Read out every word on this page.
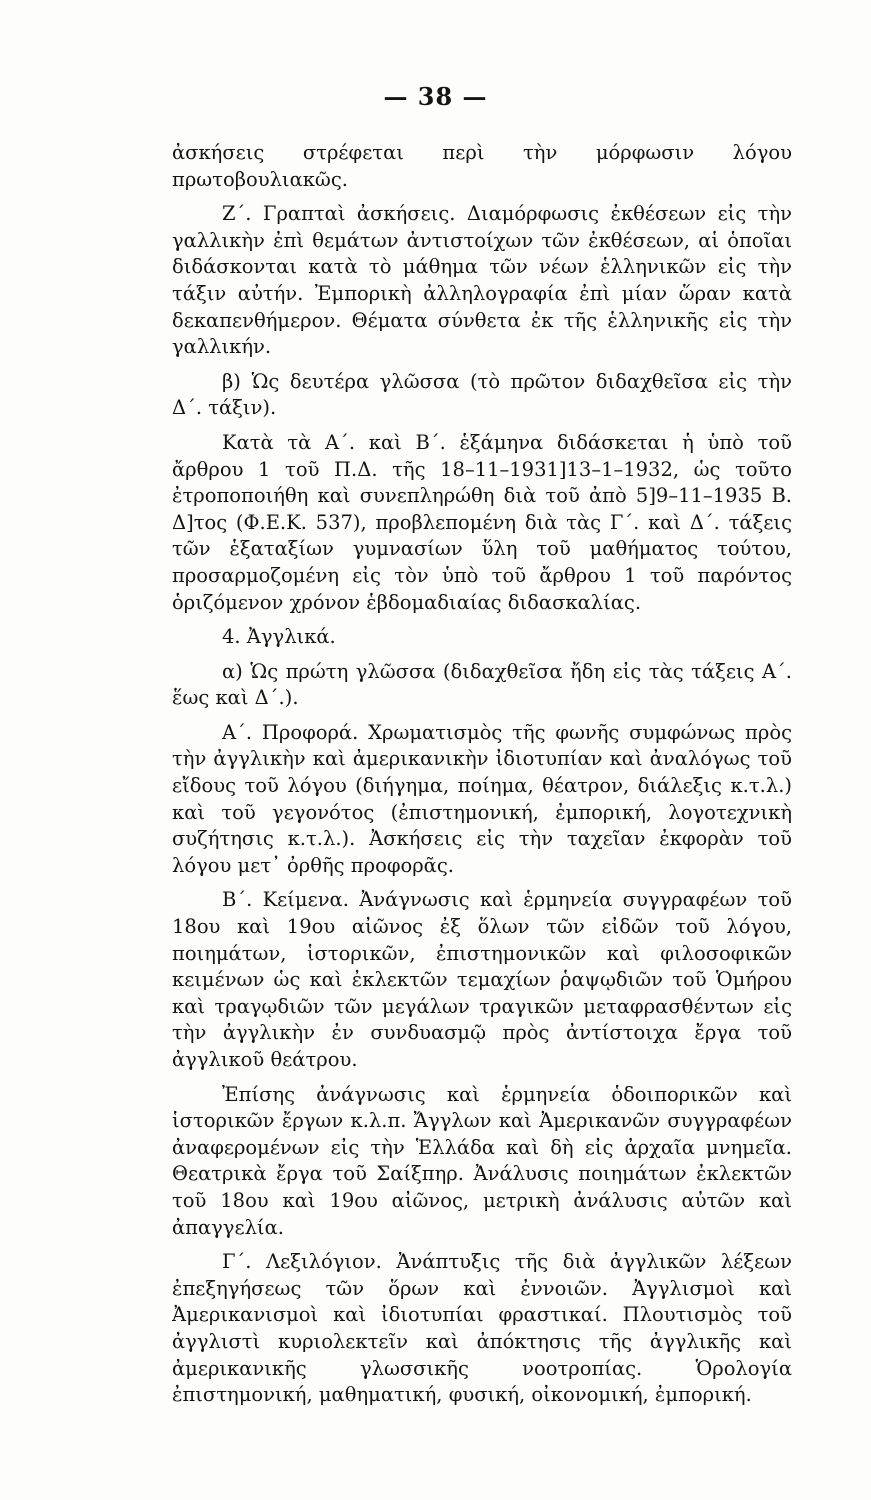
— 38 —

ἀσκήσεις στρέφεται περὶ τὴν μόρφωσιν λόγου πρωτοβουλιακῶς.

Ζ΄. Γραπταὶ ἀσκήσεις. Διαμόρφωσις ἐκθέσεων εἰς τὴν γαλλικὴν ἐπὶ θεμάτων ἀντιστοίχων τῶν ἐκθέσεων, αἱ ὁποῖαι διδάσκονται κατὰ τὸ μάθημα τῶν νέων ἑλληνικῶν εἰς τὴν τάξιν αὐτήν. Ἐμπορικὴ ἀλληλογραφία ἐπὶ μίαν ὥραν κατὰ δεκαπενθήμερον. Θέματα σύνθετα ἐκ τῆς ἑλληνικῆς εἰς τὴν γαλλικήν.

β) Ὡς δευτέρα γλῶσσα (τὸ πρῶτον διδαχθεῖσα εἰς τὴν Δ΄. τάξιν).

Κατὰ τὰ Α΄. καὶ Β΄. ἑξάμηνα διδάσκεται ἡ ὑπὸ τοῦ ἄρθρου 1 τοῦ Π.Δ. τῆς 18–11–1931]13–1–1932, ὡς τοῦτο ἐτροποποιήθη καὶ συνεπληρώθη διὰ τοῦ ἀπὸ 5]9–11–1935 Β. Δ]τος (Φ.Ε.Κ. 537), προβλεπομένη διὰ τὰς Γ΄. καὶ Δ΄. τάξεις τῶν ἑξαταξίων γυμνασίων ὕλη τοῦ μαθήματος τούτου, προσαρμοζομένη εἰς τὸν ὑπὸ τοῦ ἄρθρου 1 τοῦ παρόντος ὁριζόμενον χρόνον ἑβδομαδιαίας διδασκαλίας.

4. Ἀγγλικά.

α) Ὡς πρώτη γλῶσσα (διδαχθεῖσα ἤδη εἰς τὰς τάξεις Α΄. ἕως καὶ Δ΄.).

Α΄. Προφορά. Χρωματισμὸς τῆς φωνῆς συμφώνως πρὸς τὴν ἀγγλικὴν καὶ ἀμερικανικὴν ἰδιοτυπίαν καὶ ἀναλόγως τοῦ εἴδους τοῦ λόγου (διήγημα, ποίημα, θέατρον, διάλεξις κ.τ.λ.) καὶ τοῦ γεγονότος (ἐπιστημονική, ἐμπορική, λογοτεχνικὴ συζήτησις κ.τ.λ.). Ἀσκήσεις εἰς τὴν ταχεῖαν ἐκφορὰν τοῦ λόγου μετ᾽ ὀρθῆς προφορᾶς.

Β΄. Κείμενα. Ἀνάγνωσις καὶ ἑρμηνεία συγγραφέων τοῦ 18ου καὶ 19ου αἰῶνος ἐξ ὅλων τῶν εἰδῶν τοῦ λόγου, ποιημάτων, ἱστορικῶν, ἐπιστημονικῶν καὶ φιλοσοφικῶν κειμένων ὡς καὶ ἐκλεκτῶν τεμαχίων ῥαψῳδιῶν τοῦ Ὁμήρου καὶ τραγῳδιῶν τῶν μεγάλων τραγικῶν μεταφρασθέντων εἰς τὴν ἀγγλικὴν ἐν συνδυασμῷ πρὸς ἀντίστοιχα ἔργα τοῦ ἀγγλικοῦ θεάτρου.

Ἐπίσης ἀνάγνωσις καὶ ἑρμηνεία ὁδοιπορικῶν καὶ ἱστορικῶν ἔργων κ.λ.π. Ἄγγλων καὶ Ἀμερικανῶν συγγραφέων ἀναφερομένων εἰς τὴν Ἑλλάδα καὶ δὴ εἰς ἀρχαῖα μνημεῖα. Θεατρικὰ ἔργα τοῦ Σαίξπηρ. Ἀνάλυσις ποιημάτων ἐκλεκτῶν τοῦ 18ου καὶ 19ου αἰῶνος, μετρικὴ ἀνάλυσις αὐτῶν καὶ ἀπαγγελία.

Γ΄. Λεξιλόγιον. Ἀνάπτυξις τῆς διὰ ἀγγλικῶν λέξεων ἐπεξηγήσεως τῶν ὅρων καὶ ἐννοιῶν. Ἀγγλισμοὶ καὶ Ἀμερικανισμοὶ καὶ ἰδιοτυπίαι φραστικαί. Πλουτισμὸς τοῦ ἀγγλιστὶ κυριολεκτεῖν καὶ ἀπόκτησις τῆς ἀγγλικῆς καὶ ἀμερικανικῆς γλωσσικῆς νοοτροπίας. Ὁρολογία ἐπιστημονική, μαθηματική, φυσική, οἰκονομική, ἐμπορική.
